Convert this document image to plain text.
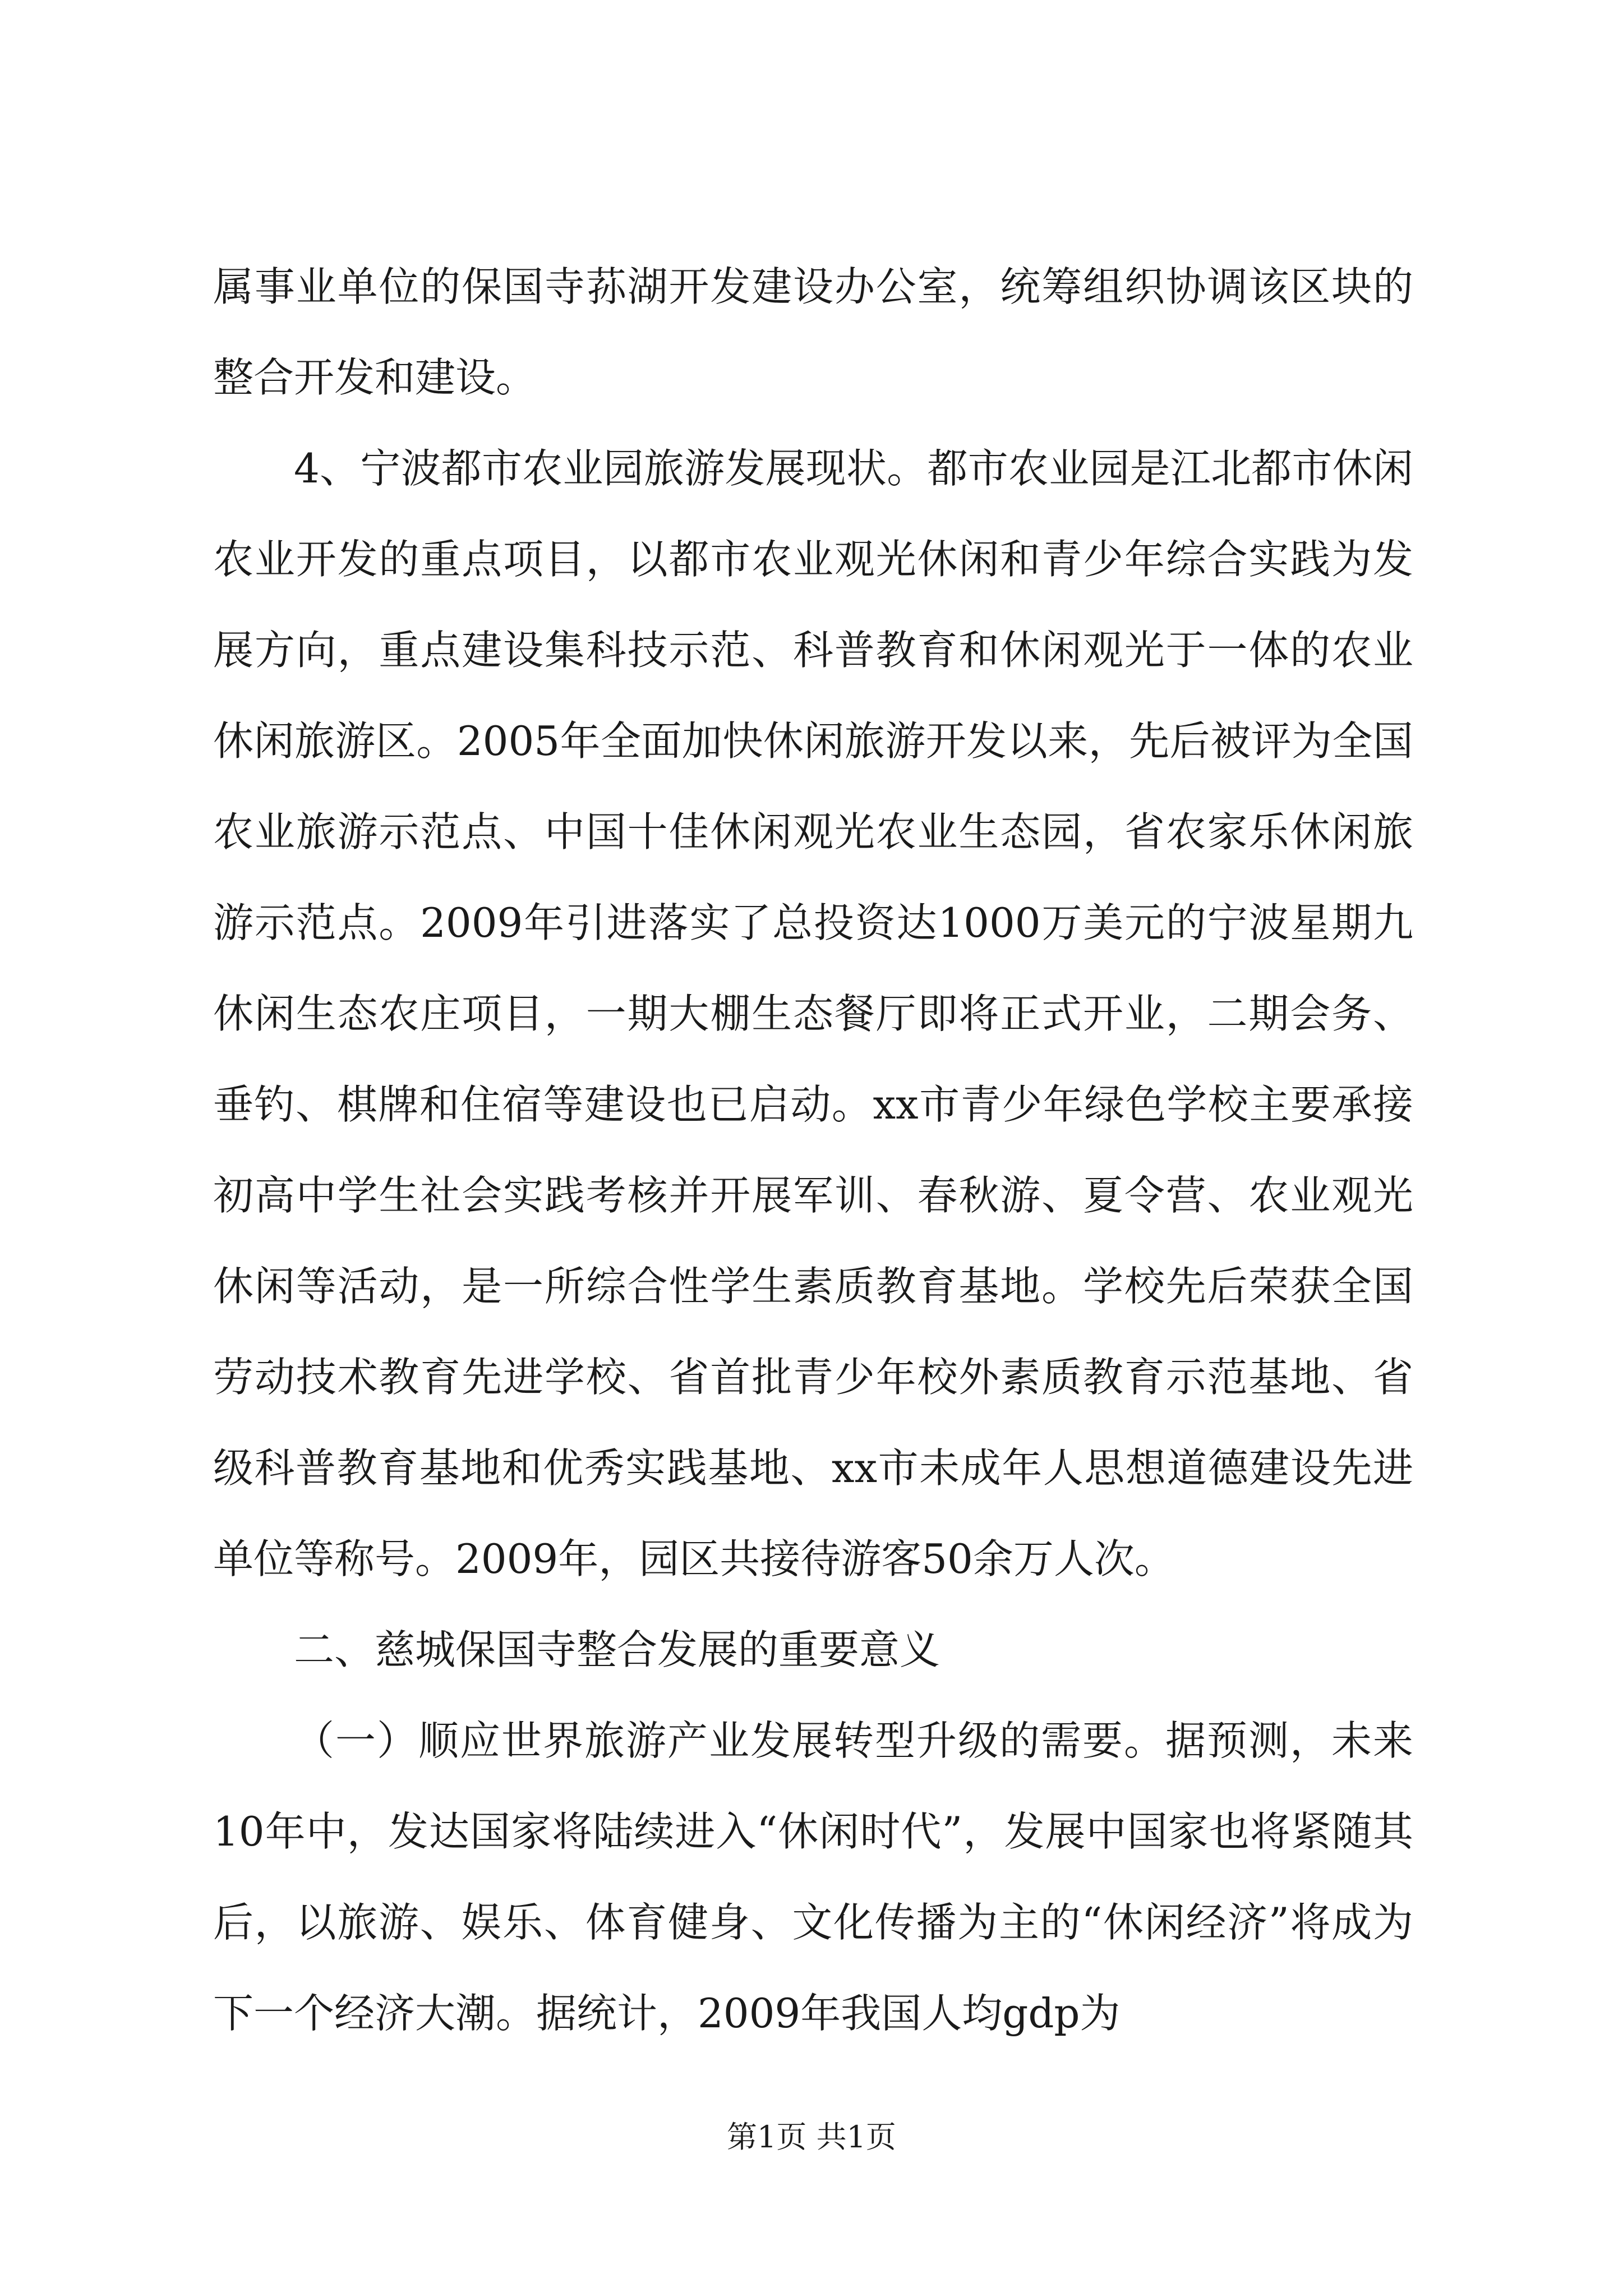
属事业单位的保国寺荪湖开发建设办公室，统筹组织协调该区块的整合开发和建设。

4、宁波都市农业园旅游发展现状。都市农业园是江北都市休闲农业开发的重点项目，以都市农业观光休闲和青少年综合实践为发展方向，重点建设集科技示范、科普教育和休闲观光于一体的农业休闲旅游区。2005年全面加快休闲旅游开发以来，先后被评为全国农业旅游示范点、中国十佳休闲观光农业生态园，省农家乐休闲旅游示范点。2009年引进落实了总投资达1000万美元的宁波星期九休闲生态农庄项目，一期大棚生态餐厅即将正式开业，二期会务、垂钓、棋牌和住宿等建设也已启动。xx市青少年绿色学校主要承接初高中学生社会实践考核并开展军训、春秋游、夏令营、农业观光休闲等活动，是一所综合性学生素质教育基地。学校先后荣获全国劳动技术教育先进学校、省首批青少年校外素质教育示范基地、省级科普教育基地和优秀实践基地、xx市未成年人思想道德建设先进单位等称号。2009年，园区共接待游客50余万人次。

二、慈城保国寺整合发展的重要意义

（一）顺应世界旅游产业发展转型升级的需要。据预测，未来10年中，发达国家将陆续进入“休闲时代”，发展中国家也将紧随其后，以旅游、娱乐、体育健身、文化传播为主的“休闲经济”将成为下一个经济大潮。据统计，2009年我国人均gdp为

第1页 共1页
